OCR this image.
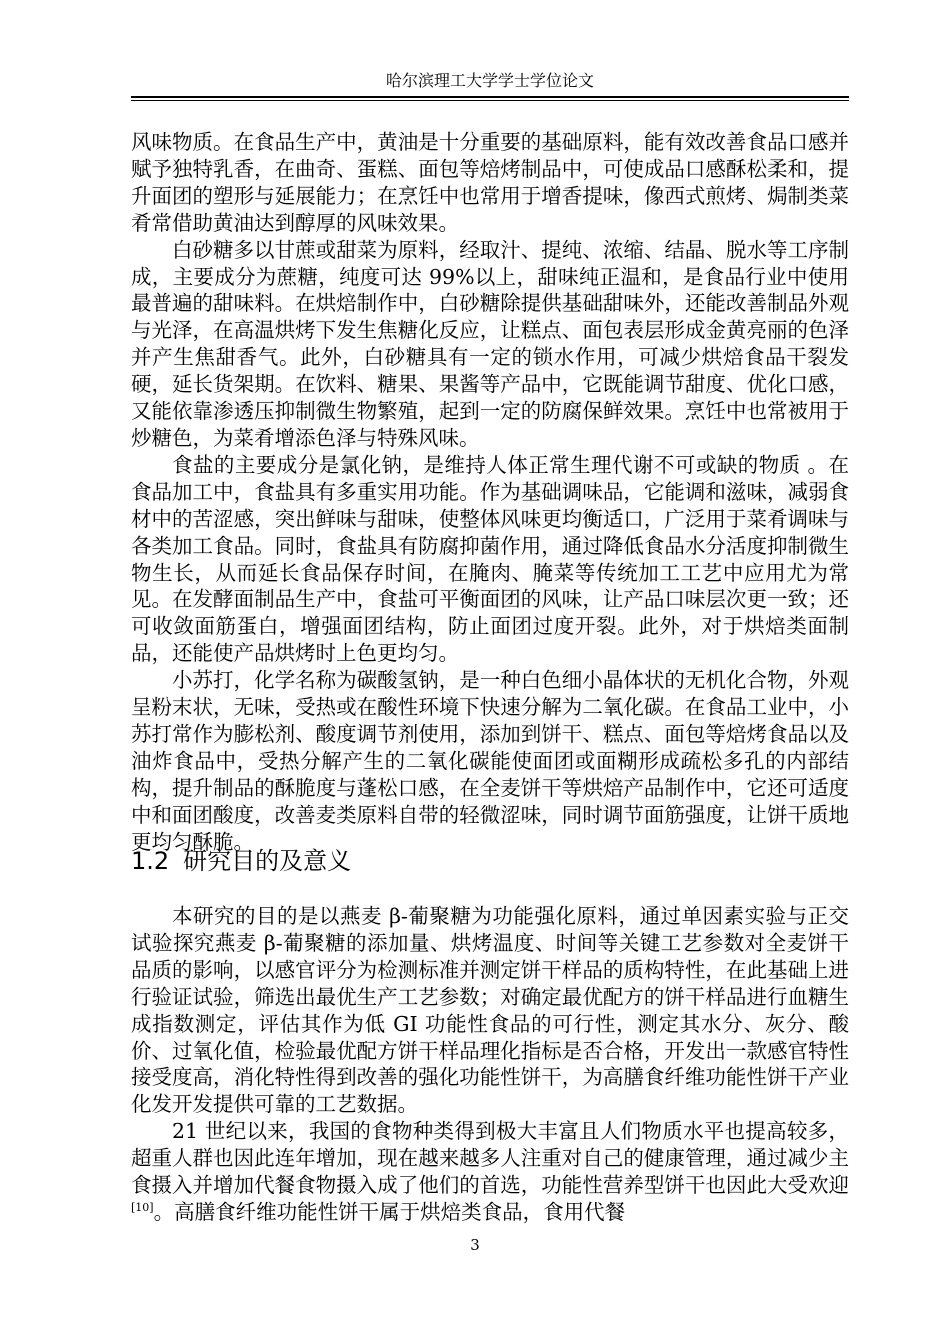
哈尔滨理工大学学士学位论文

风味物质。在食品生产中，黄油是十分重要的基础原料，能有效改善食品口感并赋予独特乳香，在曲奇、蛋糕、面包等焙烤制品中，可使成品口感酥松柔和，提升面团的塑形与延展能力；在烹饪中也常用于增香提味，像西式煎烤、焗制类菜肴常借助黄油达到醇厚的风味效果。

白砂糖多以甘蔗或甜菜为原料，经取汁、提纯、浓缩、结晶、脱水等工序制成，主要成分为蔗糖，纯度可达 99%以上，甜味纯正温和，是食品行业中使用最普遍的甜味料。在烘焙制作中，白砂糖除提供基础甜味外，还能改善制品外观与光泽，在高温烘烤下发生焦糖化反应，让糕点、面包表层形成金黄亮丽的色泽并产生焦甜香气。此外，白砂糖具有一定的锁水作用，可减少烘焙食品干裂发硬，延长货架期。在饮料、糖果、果酱等产品中，它既能调节甜度、优化口感，又能依靠渗透压抑制微生物繁殖，起到一定的防腐保鲜效果。烹饪中也常被用于炒糖色，为菜肴增添色泽与特殊风味。

食盐的主要成分是氯化钠，是维持人体正常生理代谢不可或缺的物质 。在食品加工中，食盐具有多重实用功能。作为基础调味品，它能调和滋味，减弱食材中的苦涩感，突出鲜味与甜味，使整体风味更均衡适口，广泛用于菜肴调味与各类加工食品。同时，食盐具有防腐抑菌作用，通过降低食品水分活度抑制微生物生长，从而延长食品保存时间，在腌肉、腌菜等传统加工工艺中应用尤为常见。在发酵面制品生产中，食盐可平衡面团的风味，让产品口味层次更一致；还可收敛面筋蛋白，增强面团结构，防止面团过度开裂。此外，对于烘焙类面制品，还能使产品烘烤时上色更均匀。

小苏打，化学名称为碳酸氢钠，是一种白色细小晶体状的无机化合物，外观呈粉末状，无味，受热或在酸性环境下快速分解为二氧化碳。在食品工业中，小苏打常作为膨松剂、酸度调节剂使用，添加到饼干、糕点、面包等焙烤食品以及油炸食品中，受热分解产生的二氧化碳能使面团或面糊形成疏松多孔的内部结构，提升制品的酥脆度与蓬松口感，在全麦饼干等烘焙产品制作中，它还可适度中和面团酸度，改善麦类原料自带的轻微涩味，同时调节面筋强度，让饼干质地更均匀酥脆。

1.2 研究目的及意义

本研究的目的是以燕麦 β-葡聚糖为功能强化原料，通过单因素实验与正交试验探究燕麦 β-葡聚糖的添加量、烘烤温度、时间等关键工艺参数对全麦饼干品质的影响，以感官评分为检测标准并测定饼干样品的质构特性，在此基础上进行验证试验，筛选出最优生产工艺参数；对确定最优配方的饼干样品进行血糖生成指数测定，评估其作为低 GI 功能性食品的可行性，测定其水分、灰分、酸价、过氧化值，检验最优配方饼干样品理化指标是否合格，开发出一款感官特性接受度高，消化特性得到改善的强化功能性饼干，为高膳食纤维功能性饼干产业化发开发提供可靠的工艺数据。

21 世纪以来，我国的食物种类得到极大丰富且人们物质水平也提高较多，超重人群也因此连年增加，现在越来越多人注重对自己的健康管理，通过减少主食摄入并增加代餐食物摄入成了他们的首选，功能性营养型饼干也因此大受欢迎[10]。高膳食纤维功能性饼干属于烘焙类食品，食用代餐

3
